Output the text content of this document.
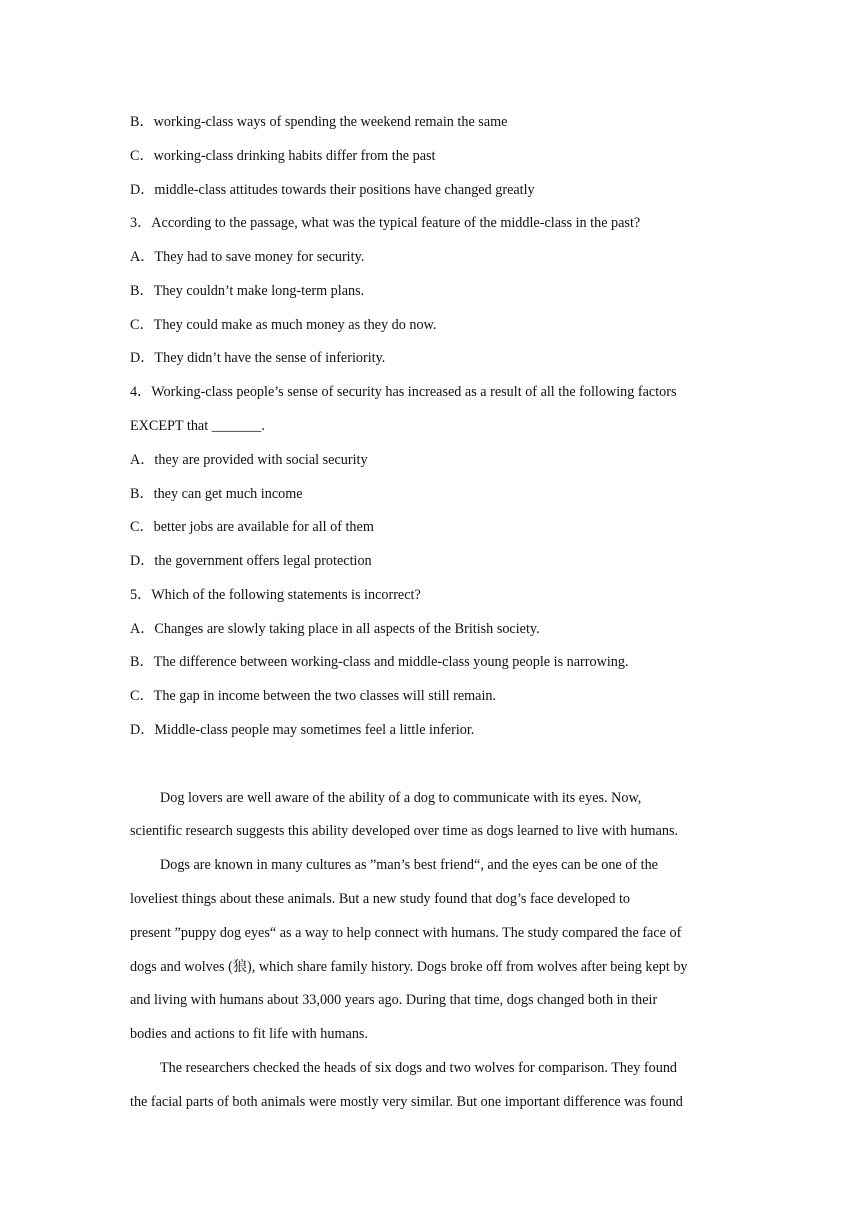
B．working-class ways of spending the weekend remain the same
C．working-class drinking habits differ from the past
D．middle-class attitudes towards their positions have changed greatly
3．According to the passage, what was the typical feature of the middle-class in the past?
A．They had to save money for security.
B．They couldn’t make long-term plans.
C．They could make as much money as they do now.
D．They didn’t have the sense of inferiority.
4．Working-class people’s sense of security has increased as a result of all the following factors
EXCEPT that _______.
A．they are provided with social security
B．they can get much income
C．better jobs are available for all of them
D．the government offers legal protection
5．Which of the following statements is incorrect?
A．Changes are slowly taking place in all aspects of the British society.
B．The difference between working-class and middle-class young people is narrowing.
C．The gap in income between the two classes will still remain.
D．Middle-class people may sometimes feel a little inferior.
Dog lovers are well aware of the ability of a dog to communicate with its eyes. Now,
scientific research suggests this ability developed over time as dogs learned to live with humans.
Dogs are known in many cultures as ”man’s best friend“, and the eyes can be one of the
loveliest things about these animals. But a new study found that dog’s face developed to
present ”puppy dog eyes“ as a way to help connect with humans. The study compared the face of
dogs and wolves (狼), which share family history. Dogs broke off from wolves after being kept by
and living with humans about 33,000 years ago. During that time, dogs changed both in their
bodies and actions to fit life with humans.
The researchers checked the heads of six dogs and two wolves for comparison. They found
the facial parts of both animals were mostly very similar. But one important difference was found
